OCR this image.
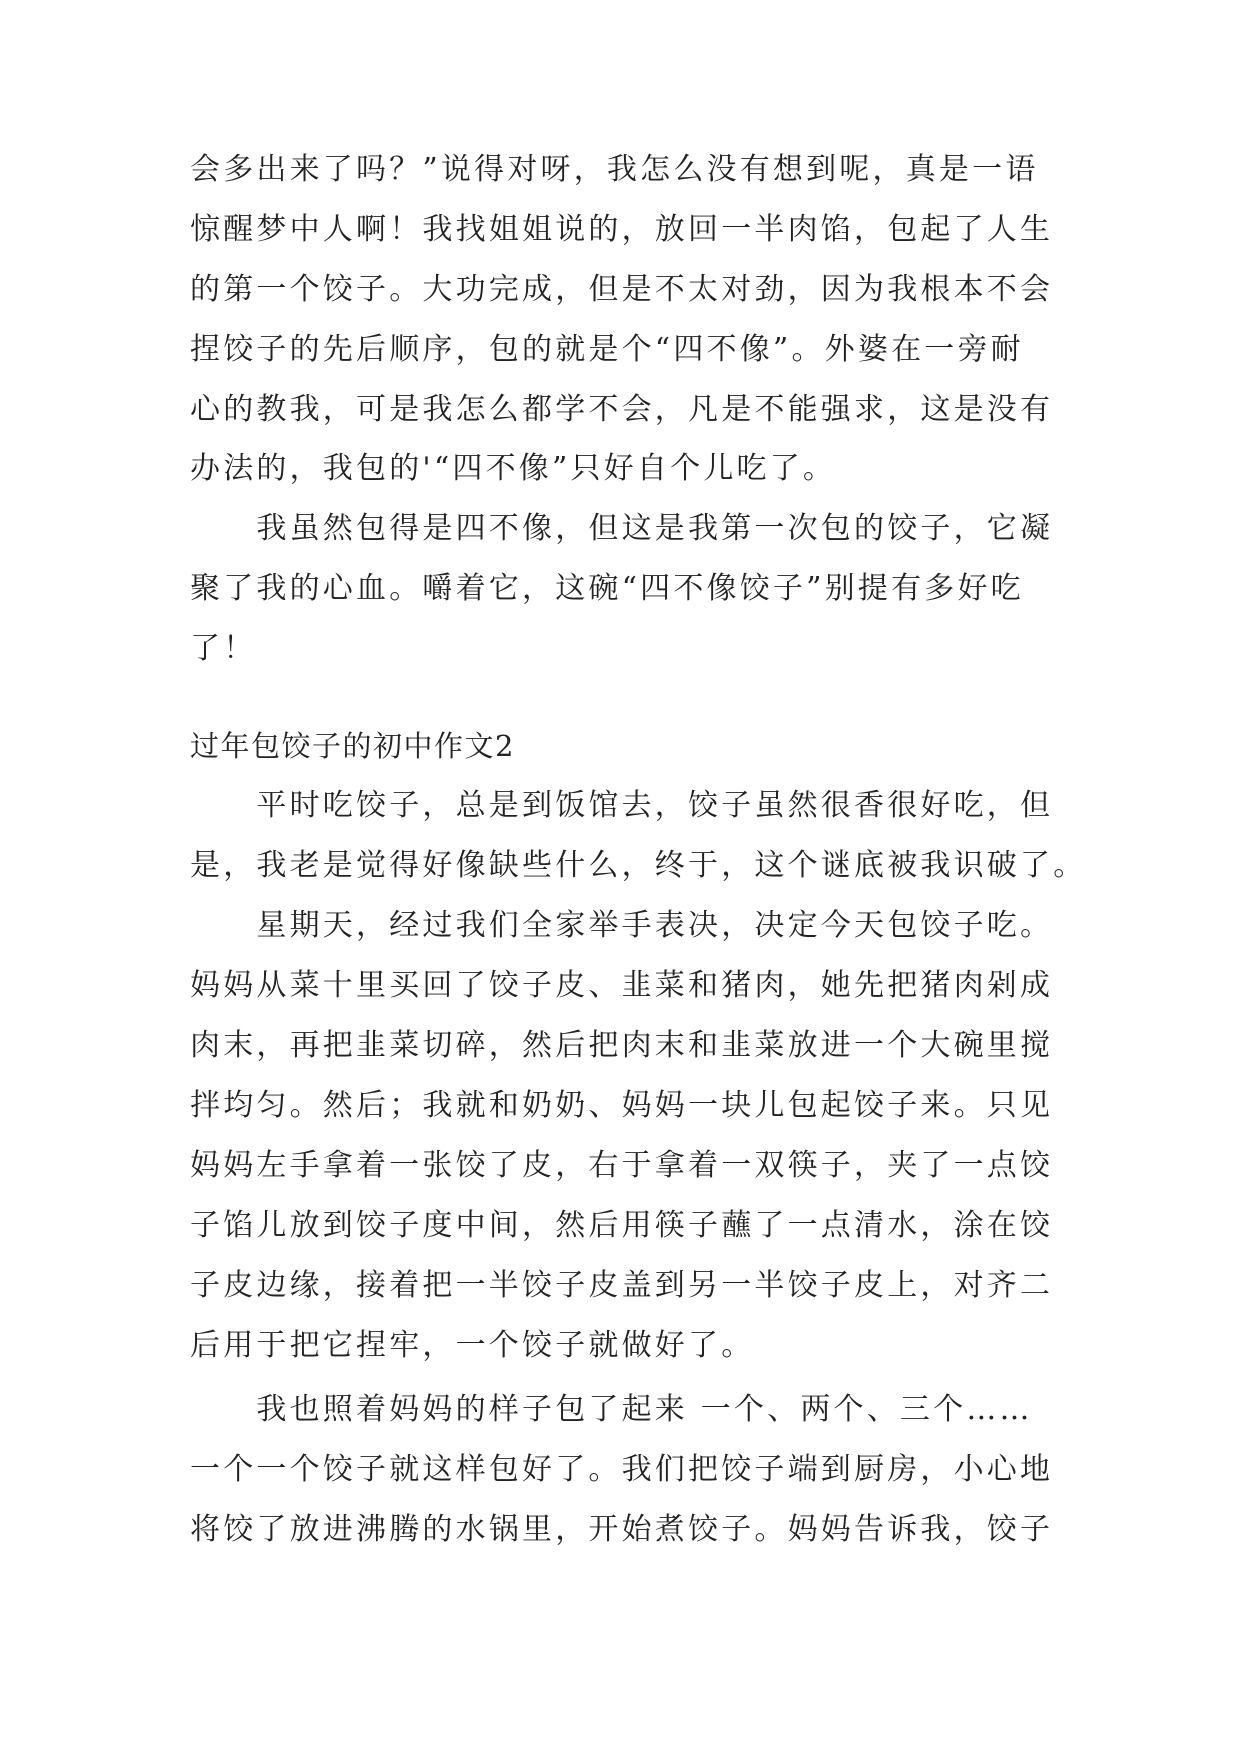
会多出来了吗？”说得对呀，我怎么没有想到呢，真是一语
惊醒梦中人啊！我找姐姐说的，放回一半肉馅，包起了人生
的第一个饺子。大功完成，但是不太对劲，因为我根本不会
捏饺子的先后顺序，包的就是个“四不像”。外婆在一旁耐
心的教我，可是我怎么都学不会，凡是不能强求，这是没有
办法的，我包的'“四不像”只好自个儿吃了。
　　我虽然包得是四不像，但这是我第一次包的饺子，它凝
聚了我的心血。嚼着它，这碗“四不像饺子”别提有多好吃
了！
过年包饺子的初中作文2
　　平时吃饺子，总是到饭馆去，饺子虽然很香很好吃，但
是，我老是觉得好像缺些什么，终于，这个谜底被我识破了。
　　星期天，经过我们全家举手表决，决定今天包饺子吃。
妈妈从菜十里买回了饺子皮、韭菜和猪肉，她先把猪肉剁成
肉末，再把韭菜切碎，然后把肉末和韭菜放进一个大碗里搅
拌均匀。然后；我就和奶奶、妈妈一块儿包起饺子来。只见
妈妈左手拿着一张饺了皮，右于拿着一双筷子，夹了一点饺
子馅儿放到饺子度中间，然后用筷子蘸了一点清水，涂在饺
子皮边缘，接着把一半饺子皮盖到另一半饺子皮上，对齐二
后用于把它捏牢，一个饺子就做好了。
　　我也照着妈妈的样子包了起来 一个、两个、三个……
一个一个饺子就这样包好了。我们把饺子端到厨房，小心地
将饺了放进沸腾的水锅里，开始煮饺子。妈妈告诉我，饺子
